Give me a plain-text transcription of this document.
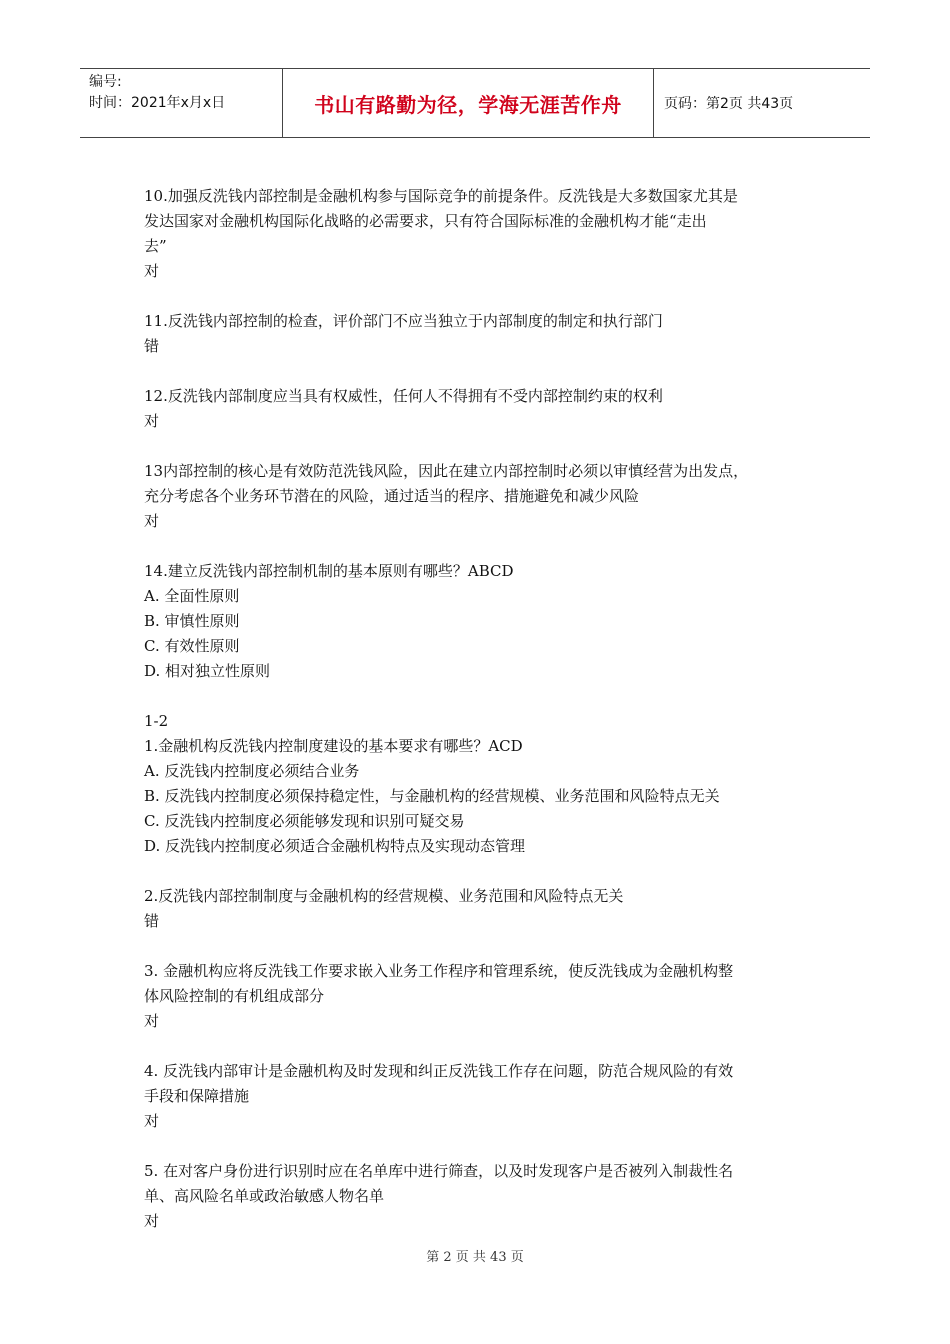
编号:
时间：2021年x月x日	书山有路勤为径，学海无涯苦作舟	页码：第2页 共43页
10.加强反洗钱内部控制是金融机构参与国际竞争的前提条件。反洗钱是大多数国家尤其是
发达国家对金融机构国际化战略的必需要求，只有符合国际标准的金融机构才能“走出
去”
对
11.反洗钱内部控制的检查，评价部门不应当独立于内部制度的制定和执行部门
错
12.反洗钱内部制度应当具有权威性，任何人不得拥有不受内部控制约束的权利
对
13内部控制的核心是有效防范洗钱风险，因此在建立内部控制时必须以审慎经营为出发点，
充分考虑各个业务环节潜在的风险，通过适当的程序、措施避免和减少风险
对
14.建立反洗钱内部控制机制的基本原则有哪些？ABCD
A. 全面性原则
B. 审慎性原则
C. 有效性原则
D. 相对独立性原则
1-2
1.金融机构反洗钱内控制度建设的基本要求有哪些？ACD
A. 反洗钱内控制度必须结合业务
B. 反洗钱内控制度必须保持稳定性，与金融机构的经营规模、业务范围和风险特点无关
C. 反洗钱内控制度必须能够发现和识别可疑交易
D. 反洗钱内控制度必须适合金融机构特点及实现动态管理
2.反洗钱内部控制制度与金融机构的经营规模、业务范围和风险特点无关
错
3. 金融机构应将反洗钱工作要求嵌入业务工作程序和管理系统，使反洗钱成为金融机构整
体风险控制的有机组成部分
对
4. 反洗钱内部审计是金融机构及时发现和纠正反洗钱工作存在问题，防范合规风险的有效
手段和保障措施
对
5. 在对客户身份进行识别时应在名单库中进行筛查，以及时发现客户是否被列入制裁性名
单、高风险名单或政治敏感人物名单
对
第 2 页 共 43 页
